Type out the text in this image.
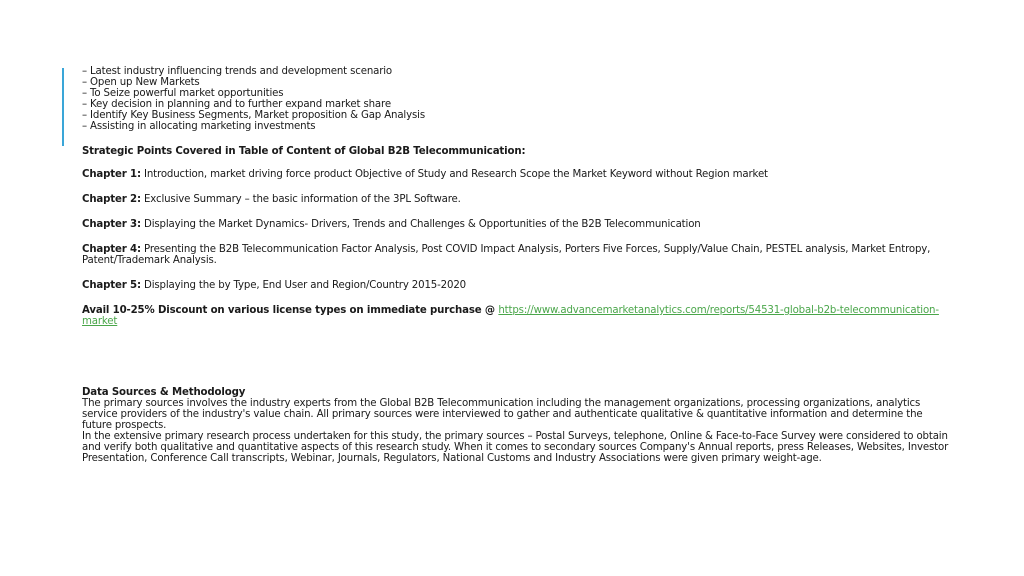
– Latest industry influencing trends and development scenario
– Open up New Markets
– To Seize powerful market opportunities
– Key decision in planning and to further expand market share
– Identify Key Business Segments, Market proposition & Gap Analysis
– Assisting in allocating marketing investments
Strategic Points Covered in Table of Content of Global B2B Telecommunication:
Chapter 1: Introduction, market driving force product Objective of Study and Research Scope the Market Keyword without Region market
Chapter 2: Exclusive Summary – the basic information of the 3PL Software.
Chapter 3: Displaying the Market Dynamics- Drivers, Trends and Challenges & Opportunities of the B2B Telecommunication
Chapter 4: Presenting the B2B Telecommunication Factor Analysis, Post COVID Impact Analysis, Porters Five Forces, Supply/Value Chain, PESTEL analysis, Market Entropy, Patent/Trademark Analysis.
Chapter 5: Displaying the by Type, End User and Region/Country 2015-2020
Avail 10-25% Discount on various license types on immediate purchase @ https://www.advancemarketanalytics.com/reports/54531-global-b2b-telecommunication-market
Data Sources & Methodology
The primary sources involves the industry experts from the Global B2B Telecommunication including the management organizations, processing organizations, analytics service providers of the industry's value chain. All primary sources were interviewed to gather and authenticate qualitative & quantitative information and determine the future prospects.
In the extensive primary research process undertaken for this study, the primary sources – Postal Surveys, telephone, Online & Face-to-Face Survey were considered to obtain and verify both qualitative and quantitative aspects of this research study. When it comes to secondary sources Company's Annual reports, press Releases, Websites, Investor Presentation, Conference Call transcripts, Webinar, Journals, Regulators, National Customs and Industry Associations were given primary weight-age.
